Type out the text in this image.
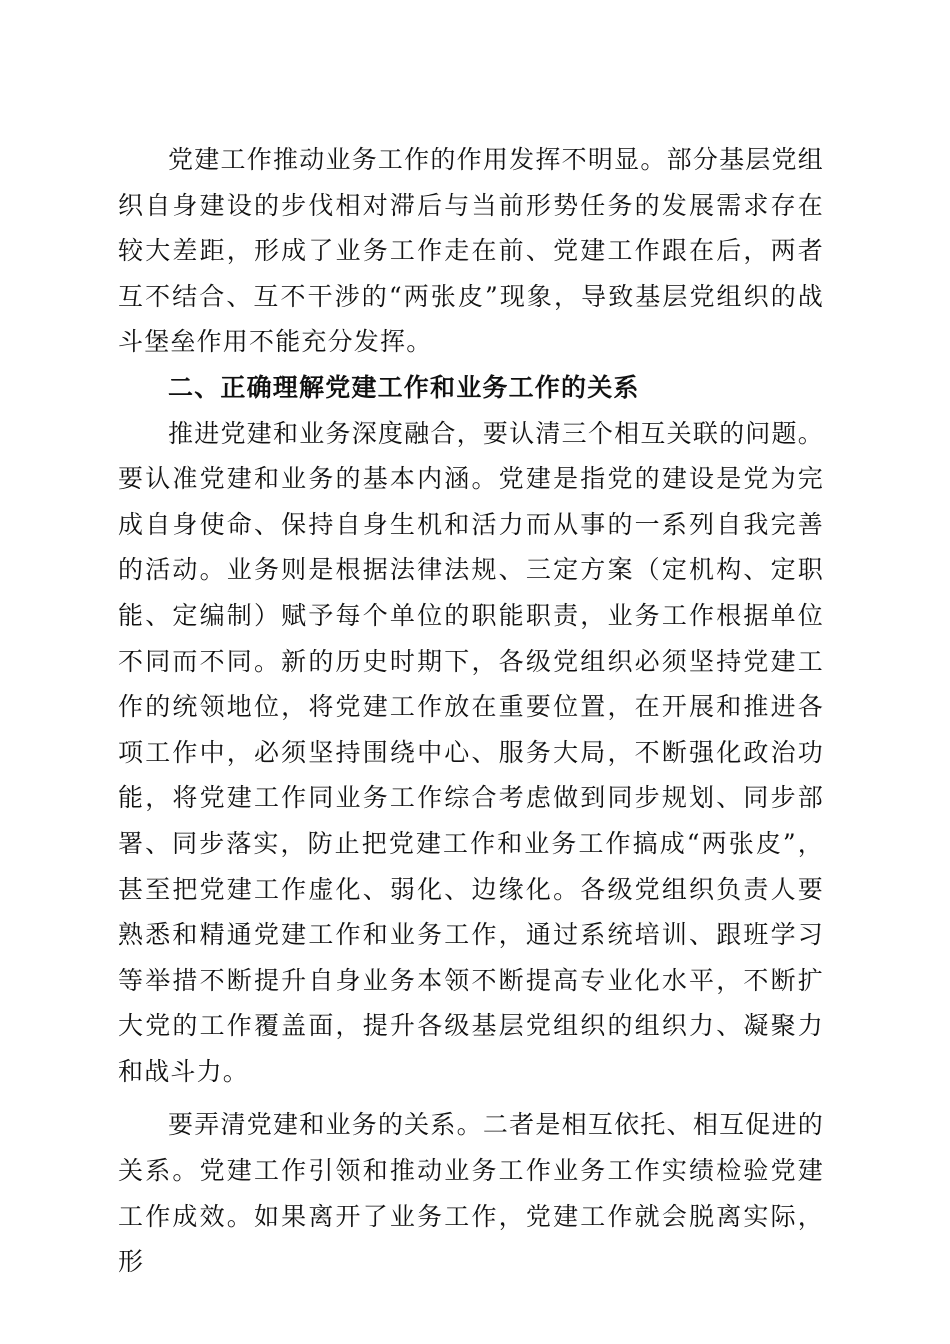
党建工作推动业务工作的作用发挥不明显。部分基层党组织自身建设的步伐相对滞后与当前形势任务的发展需求存在较大差距，形成了业务工作走在前、党建工作跟在后，两者互不结合、互不干涉的“两张皮”现象，导致基层党组织的战斗堡垒作用不能充分发挥。

二、正确理解党建工作和业务工作的关系

推进党建和业务深度融合，要认清三个相互关联的问题。要认准党建和业务的基本内涵。党建是指党的建设是党为完成自身使命、保持自身生机和活力而从事的一系列自我完善的活动。业务则是根据法律法规、三定方案（定机构、定职能、定编制）赋予每个单位的职能职责，业务工作根据单位不同而不同。新的历史时期下，各级党组织必须坚持党建工作的统领地位，将党建工作放在重要位置，在开展和推进各项工作中，必须坚持围绕中心、服务大局，不断强化政治功能，将党建工作同业务工作综合考虑做到同步规划、同步部署、同步落实，防止把党建工作和业务工作搞成“两张皮”，甚至把党建工作虚化、弱化、边缘化。各级党组织负责人要熟悉和精通党建工作和业务工作，通过系统培训、跟班学习等举措不断提升自身业务本领不断提高专业化水平，不断扩大党的工作覆盖面，提升各级基层党组织的组织力、凝聚力和战斗力。

要弄清党建和业务的关系。二者是相互依托、相互促进的关系。党建工作引领和推动业务工作业务工作实绩检验党建工作成效。如果离开了业务工作，党建工作就会脱离实际，形
